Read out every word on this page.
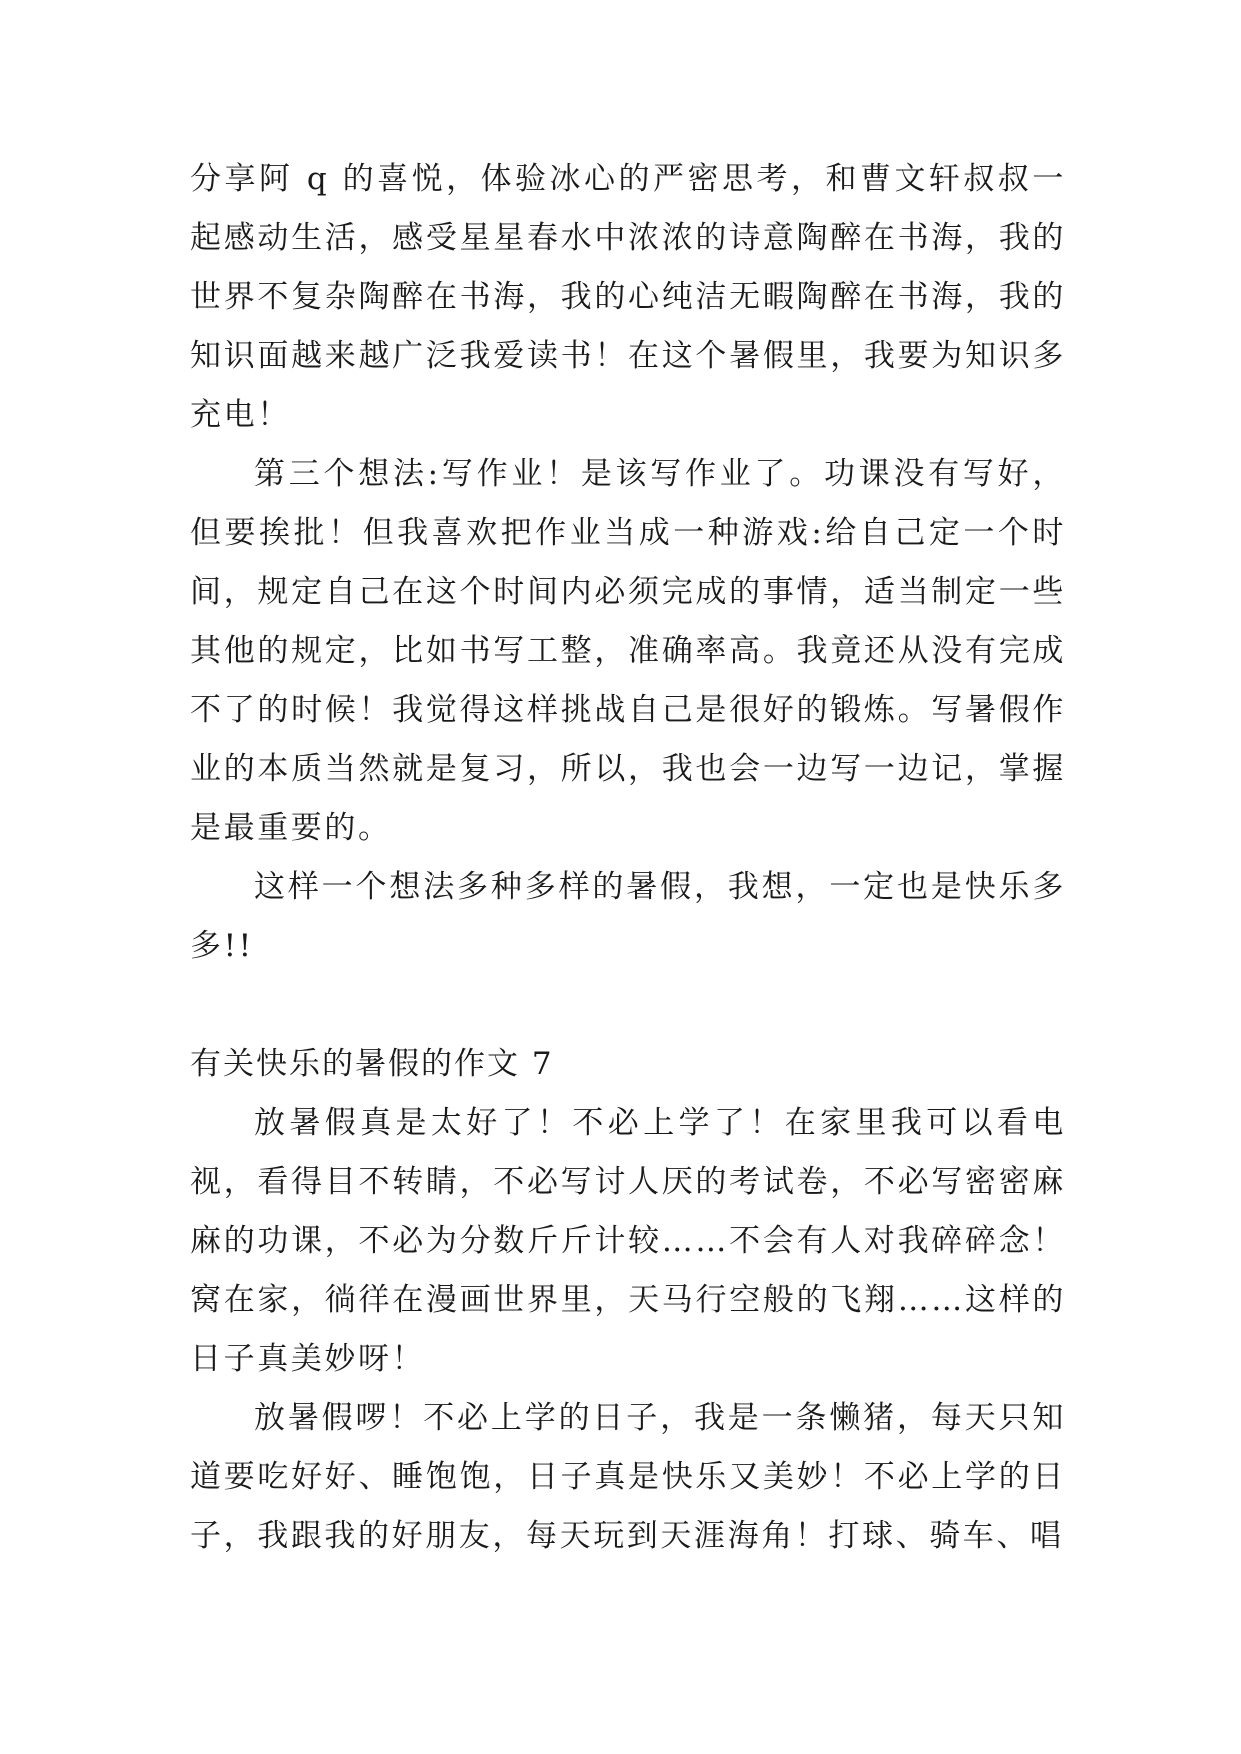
分享阿 q 的喜悦，体验冰心的严密思考，和曹文轩叔叔一起感动生活，感受星星春水中浓浓的诗意陶醉在书海，我的世界不复杂陶醉在书海，我的心纯洁无暇陶醉在书海，我的知识面越来越广泛我爱读书！在这个暑假里，我要为知识多充电！

第三个想法:写作业！是该写作业了。功课没有写好，但要挨批！但我喜欢把作业当成一种游戏:给自己定一个时间，规定自己在这个时间内必须完成的事情，适当制定一些其他的规定，比如书写工整，准确率高。我竟还从没有完成不了的时候！我觉得这样挑战自己是很好的锻炼。写暑假作业的本质当然就是复习，所以，我也会一边写一边记，掌握是最重要的。

这样一个想法多种多样的暑假，我想，一定也是快乐多多!!

有关快乐的暑假的作文 7

放暑假真是太好了！不必上学了！在家里我可以看电视，看得目不转睛，不必写讨人厌的考试卷，不必写密密麻麻的功课，不必为分数斤斤计较……不会有人对我碎碎念！窝在家，徜徉在漫画世界里，天马行空般的飞翔……这样的日子真美妙呀！

放暑假啰！不必上学的日子，我是一条懒猪，每天只知道要吃好好、睡饱饱，日子真是快乐又美妙！不必上学的日子，我跟我的好朋友，每天玩到天涯海角！打球、骑车、唱
